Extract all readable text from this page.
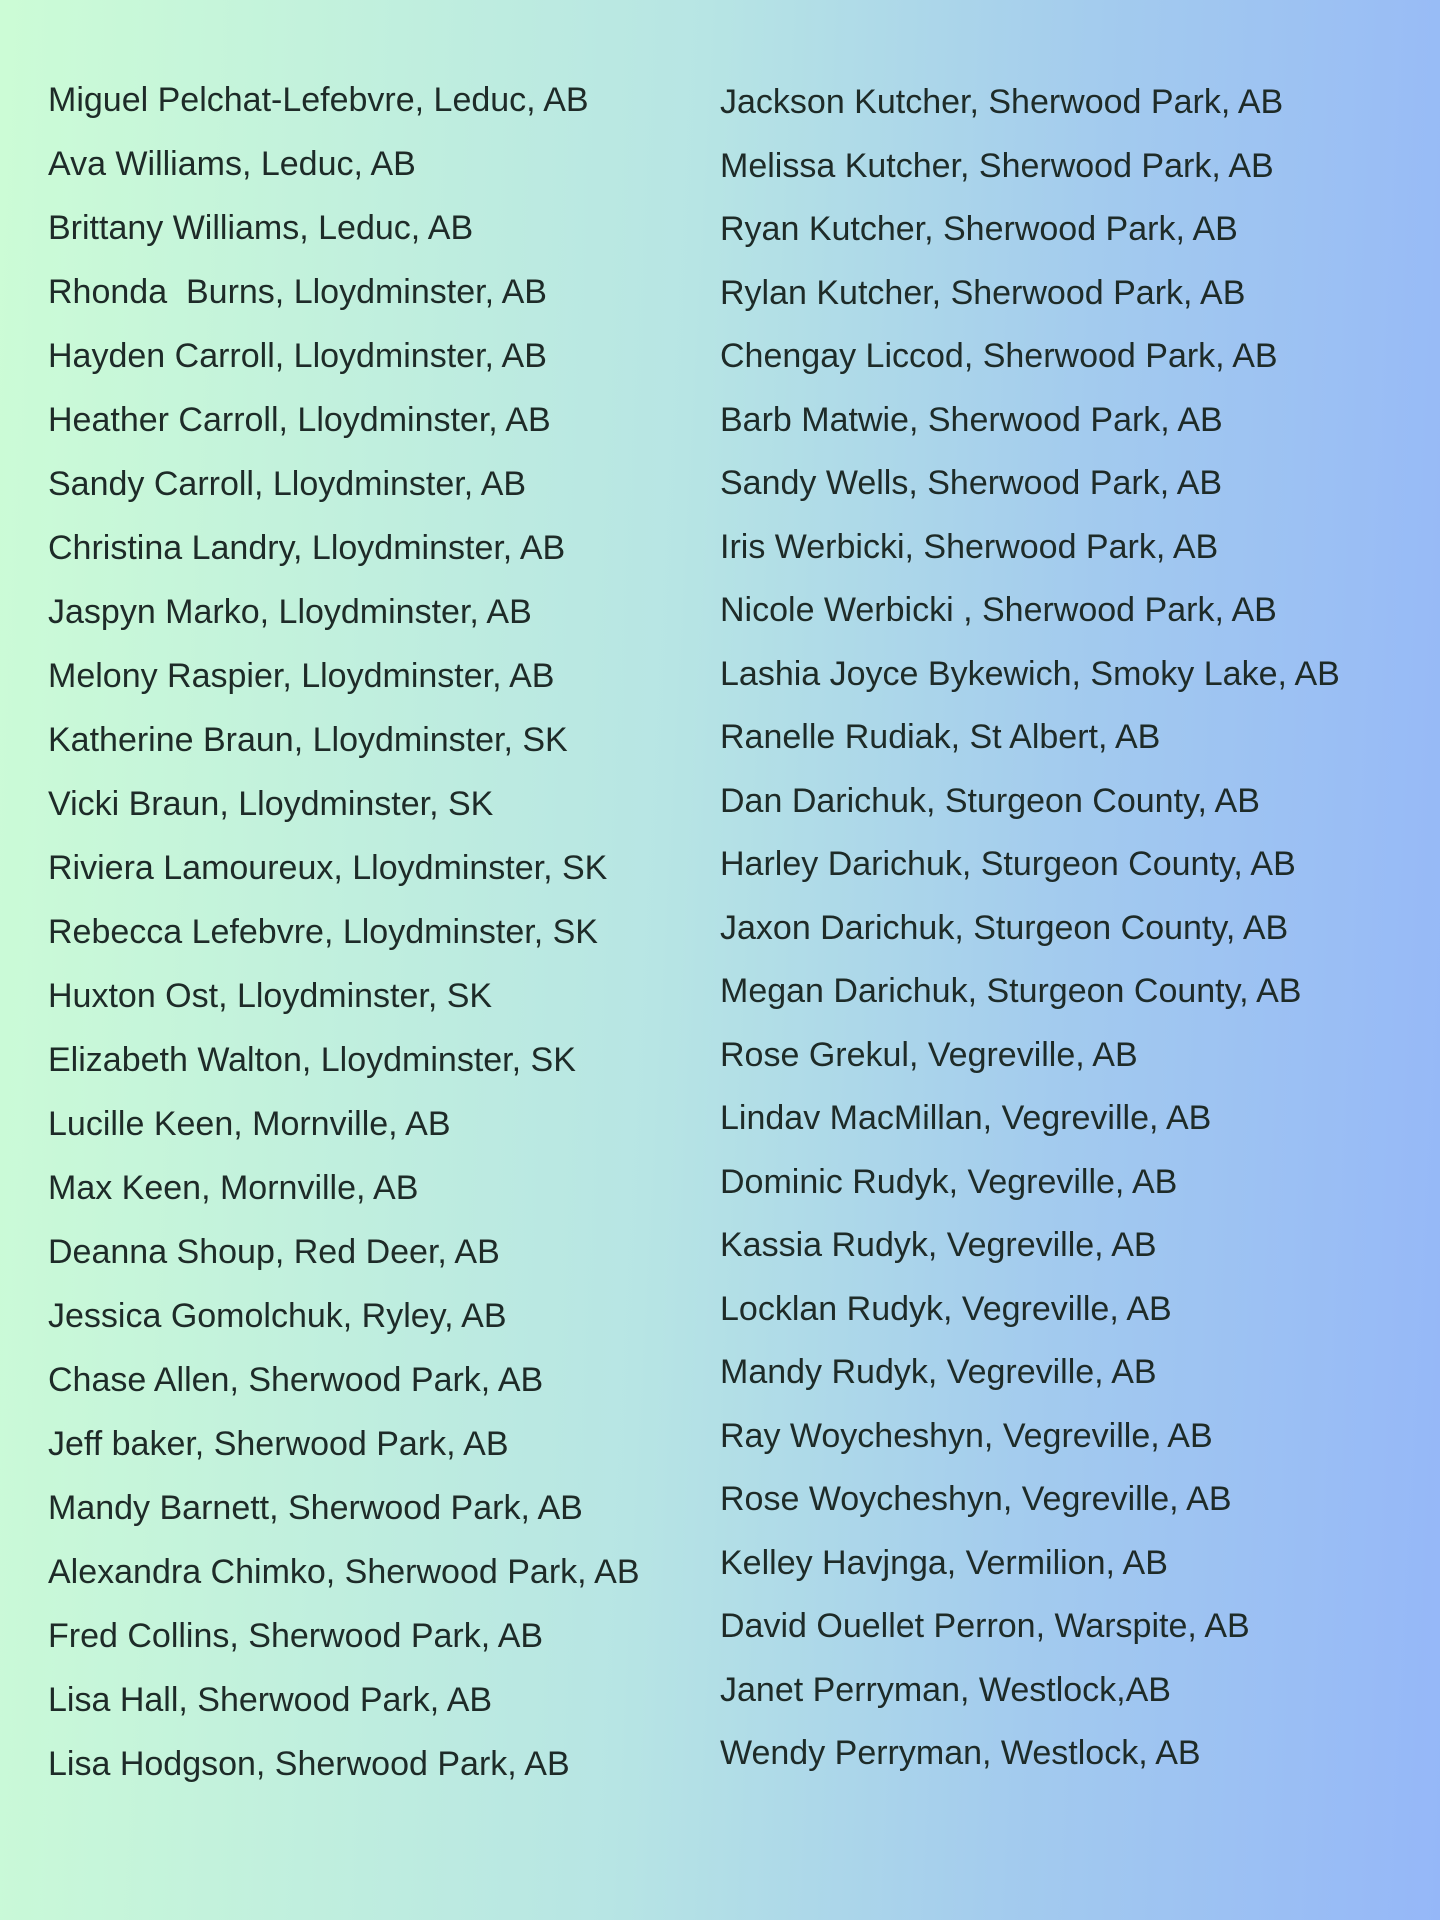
Miguel Pelchat-Lefebvre, Leduc, AB
Ava Williams, Leduc, AB
Brittany Williams, Leduc, AB
Rhonda  Burns, Lloydminster, AB
Hayden Carroll, Lloydminster, AB
Heather Carroll, Lloydminster, AB
Sandy Carroll, Lloydminster, AB
Christina Landry, Lloydminster, AB
Jaspyn Marko, Lloydminster, AB
Melony Raspier, Lloydminster, AB
Katherine Braun, Lloydminster, SK
Vicki Braun, Lloydminster, SK
Riviera Lamoureux, Lloydminster, SK
Rebecca Lefebvre, Lloydminster, SK
Huxton Ost, Lloydminster, SK
Elizabeth Walton, Lloydminster, SK
Lucille Keen, Mornville, AB
Max Keen, Mornville, AB
Deanna Shoup, Red Deer, AB
Jessica Gomolchuk, Ryley, AB
Chase Allen, Sherwood Park, AB
Jeff baker, Sherwood Park, AB
Mandy Barnett, Sherwood Park, AB
Alexandra Chimko, Sherwood Park, AB
Fred Collins, Sherwood Park, AB
Lisa Hall, Sherwood Park, AB
Lisa Hodgson, Sherwood Park, AB
Jackson Kutcher, Sherwood Park, AB
Melissa Kutcher, Sherwood Park, AB
Ryan Kutcher, Sherwood Park, AB
Rylan Kutcher, Sherwood Park, AB
Chengay Liccod, Sherwood Park, AB
Barb Matwie, Sherwood Park, AB
Sandy Wells, Sherwood Park, AB
Iris Werbicki, Sherwood Park, AB
Nicole Werbicki , Sherwood Park, AB
Lashia Joyce Bykewich, Smoky Lake, AB
Ranelle Rudiak, St Albert, AB
Dan Darichuk, Sturgeon County, AB
Harley Darichuk, Sturgeon County, AB
Jaxon Darichuk, Sturgeon County, AB
Megan Darichuk, Sturgeon County, AB
Rose Grekul, Vegreville, AB
Lindav MacMillan, Vegreville, AB
Dominic Rudyk, Vegreville, AB
Kassia Rudyk, Vegreville, AB
Locklan Rudyk, Vegreville, AB
Mandy Rudyk, Vegreville, AB
Ray Woycheshyn, Vegreville, AB
Rose Woycheshyn, Vegreville, AB
Kelley Havjnga, Vermilion, AB
David Ouellet Perron, Warspite, AB
Janet Perryman, Westlock,AB
Wendy Perryman, Westlock, AB
